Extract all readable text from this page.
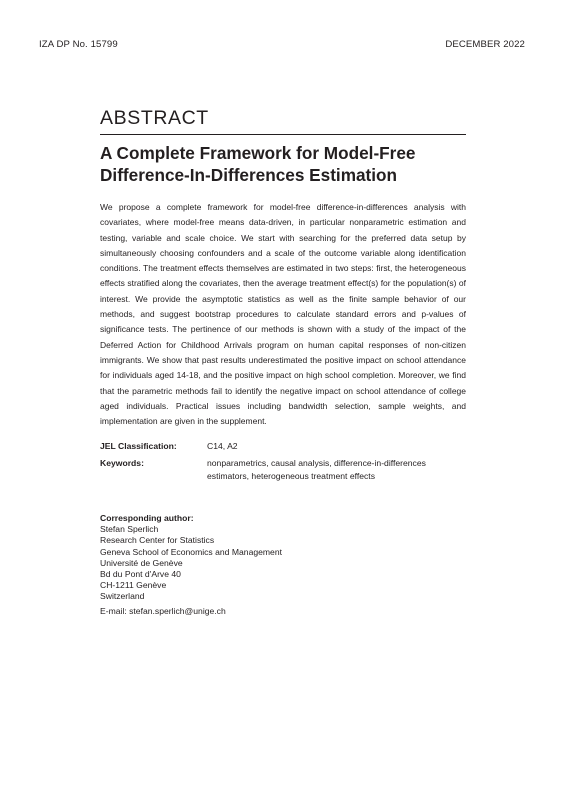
IZA DP No. 15799	DECEMBER 2022
ABSTRACT
A Complete Framework for Model-Free Difference-In-Differences Estimation

We propose a complete framework for model-free difference-in-differences analysis with covariates, where model-free means data-driven, in particular nonparametric estimation and testing, variable and scale choice. We start with searching for the preferred data setup by simultaneously choosing confounders and a scale of the outcome variable along identification conditions. The treatment effects themselves are estimated in two steps: first, the heterogeneous effects stratified along the covariates, then the average treatment effect(s) for the population(s) of interest. We provide the asymptotic statistics as well as the finite sample behavior of our methods, and suggest bootstrap procedures to calculate standard errors and p-values of significance tests. The pertinence of our methods is shown with a study of the impact of the Deferred Action for Childhood Arrivals program on human capital responses of non-citizen immigrants. We show that past results underestimated the positive impact on school attendance for individuals aged 14-18, and the positive impact on high school completion. Moreover, we find that the parametric methods fail to identify the negative impact on school attendance of college aged individuals. Practical issues including bandwidth selection, sample weights, and implementation are given in the supplement.

JEL Classification:	C14, A2
Keywords:	nonparametrics, causal analysis, difference-in-differences estimators, heterogeneous treatment effects
Corresponding author:
Stefan Sperlich
Research Center for Statistics
Geneva School of Economics and Management
Université de Genève
Bd du Pont d'Arve 40
CH-1211 Genève
Switzerland
E-mail: stefan.sperlich@unige.ch
